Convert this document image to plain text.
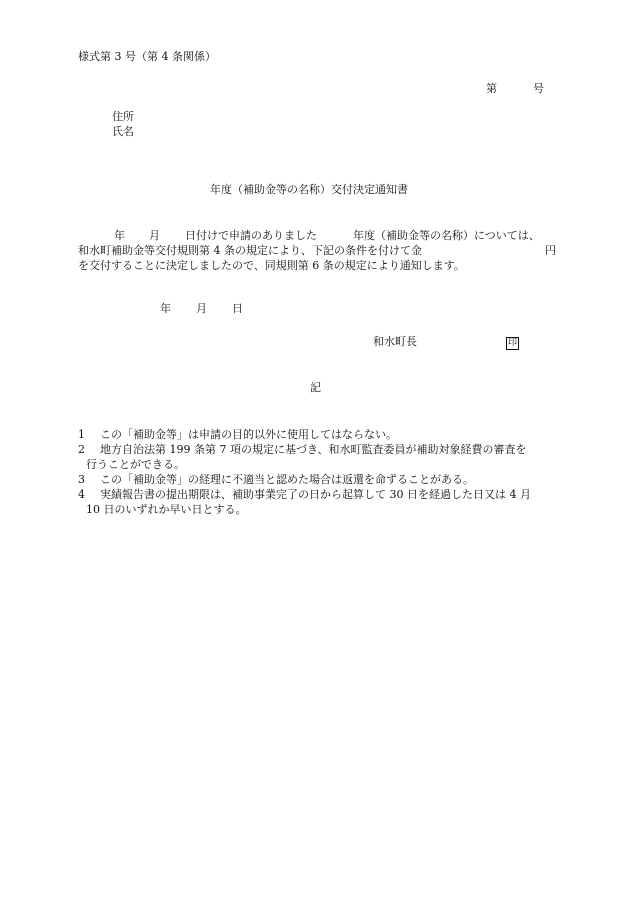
様式第 3 号（第 4 条関係）
第	号
住所
氏名
年度（補助金等の名称）交付決定通知書
年 月 日付けで申請のありました	年度（補助金等の名称）については、
和水町補助金等交付規則第 4 条の規定により、下記の条件を付けて金	円
を交付することに決定しましたので、同規則第 6 条の規定により通知します。
年 月 日
和水町長	印
記
1	この「補助金等」は申請の目的以外に使用してはならない。
2	地方自治法第 199 条第 7 項の規定に基づき、和水町監査委員が補助対象経費の審査を
行うことができる。
3	この「補助金等」の経理に不適当と認めた場合は返還を命ずることがある。
4	実績報告書の提出期限は、補助事業完了の日から起算して 30 日を経過した日又は 4 月
10 日のいずれか早い日とする。
